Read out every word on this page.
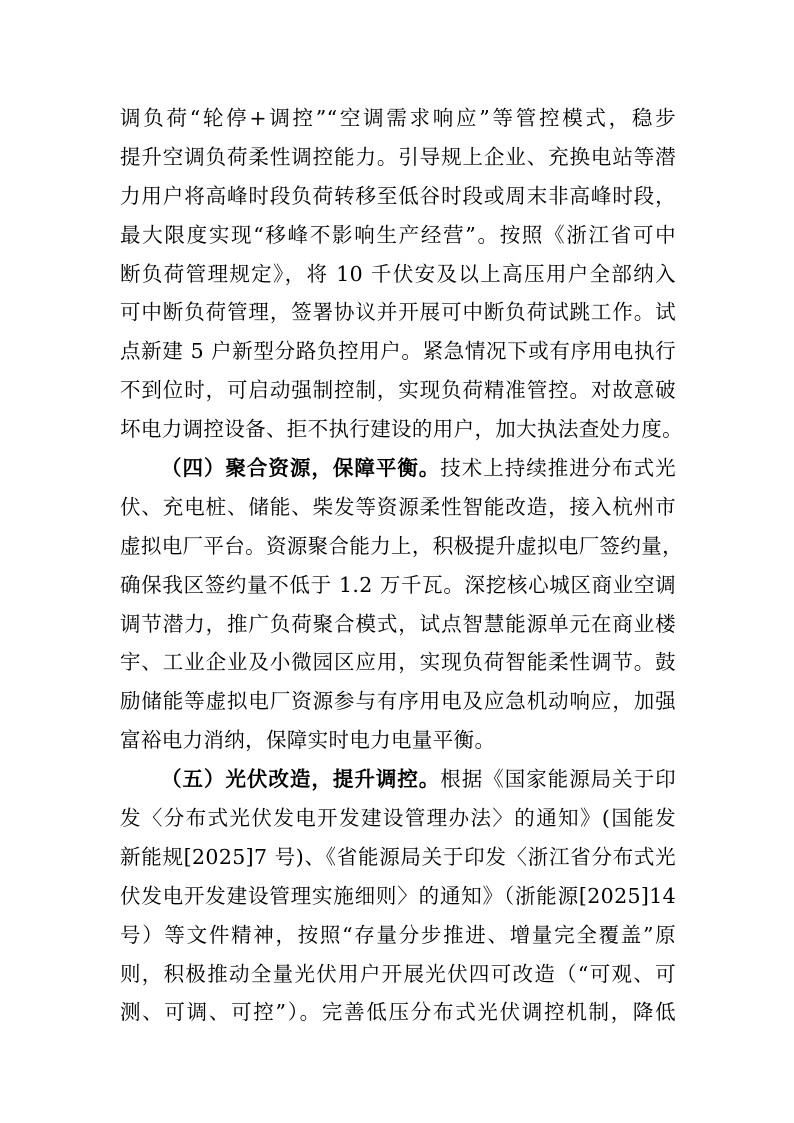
调负荷“轮停+调控”“空调需求响应”等管控模式，稳步
提升空调负荷柔性调控能力。引导规上企业、充换电站等潜
力用户将高峰时段负荷转移至低谷时段或周末非高峰时段，
最大限度实现“移峰不影响生产经营”。按照《浙江省可中
断负荷管理规定》，将 10 千伏安及以上高压用户全部纳入
可中断负荷管理，签署协议并开展可中断负荷试跳工作。试
点新建 5 户新型分路负控用户。紧急情况下或有序用电执行
不到位时，可启动强制控制，实现负荷精准管控。对故意破
坏电力调控设备、拒不执行建设的用户，加大执法查处力度。
（四）聚合资源，保障平衡。技术上持续推进分布式光
伏、充电桩、储能、柴发等资源柔性智能改造，接入杭州市
虚拟电厂平台。资源聚合能力上，积极提升虚拟电厂签约量，
确保我区签约量不低于 1.2 万千瓦。深挖核心城区商业空调
调节潜力，推广负荷聚合模式，试点智慧能源单元在商业楼
宇、工业企业及小微园区应用，实现负荷智能柔性调节。鼓
励储能等虚拟电厂资源参与有序用电及应急机动响应，加强
富裕电力消纳，保障实时电力电量平衡。
（五）光伏改造，提升调控。根据《国家能源局关于印
发〈分布式光伏发电开发建设管理办法〉的通知》(国能发
新能规[2025]7 号)、《省能源局关于印发〈浙江省分布式光
伏发电开发建设管理实施细则〉的通知》（浙能源[2025]14
号）等文件精神，按照“存量分步推进、增量完全覆盖”原
则，积极推动全量光伏用户开展光伏四可改造（“可观、可
测、可调、可控”）。完善低压分布式光伏调控机制，降低
